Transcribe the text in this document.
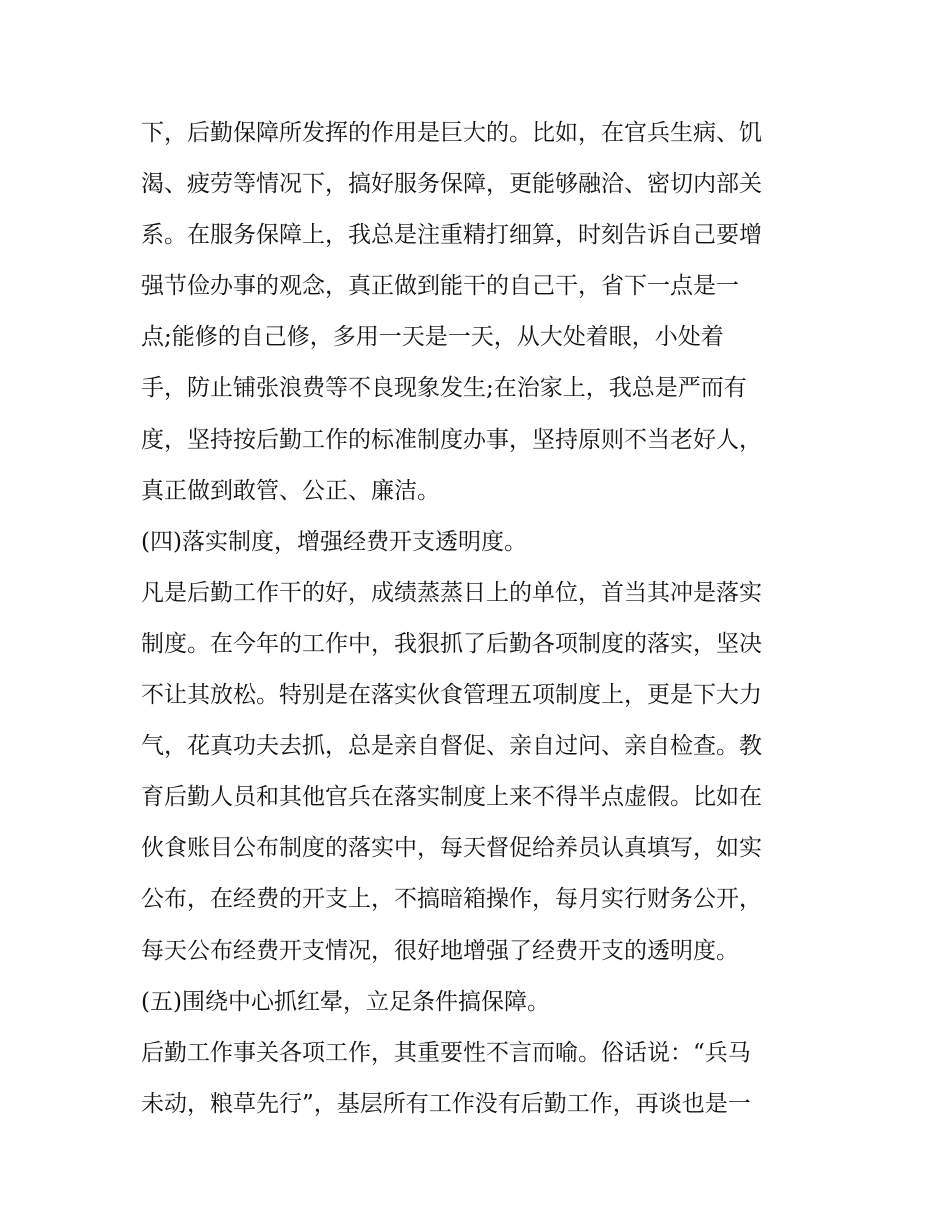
下，后勤保障所发挥的作用是巨大的。比如，在官兵生病、饥
渴、疲劳等情况下，搞好服务保障，更能够融洽、密切内部关
系。在服务保障上，我总是注重精打细算，时刻告诉自己要增
强节俭办事的观念，真正做到能干的自己干，省下一点是一
点;能修的自己修，多用一天是一天，从大处着眼，小处着
手，防止铺张浪费等不良现象发生;在治家上，我总是严而有
度，坚持按后勤工作的标准制度办事，坚持原则不当老好人，
真正做到敢管、公正、廉洁。
(四)落实制度，增强经费开支透明度。
凡是后勤工作干的好，成绩蒸蒸日上的单位，首当其冲是落实
制度。在今年的工作中，我狠抓了后勤各项制度的落实，坚决
不让其放松。特别是在落实伙食管理五项制度上，更是下大力
气，花真功夫去抓，总是亲自督促、亲自过问、亲自检查。教
育后勤人员和其他官兵在落实制度上来不得半点虚假。比如在
伙食账目公布制度的落实中，每天督促给养员认真填写，如实
公布，在经费的开支上，不搞暗箱操作，每月实行财务公开，
每天公布经费开支情况，很好地增强了经费开支的透明度。
(五)围绕中心抓红晕，立足条件搞保障。
后勤工作事关各项工作，其重要性不言而喻。俗话说：“兵马
未动，粮草先行”，基层所有工作没有后勤工作，再谈也是一
